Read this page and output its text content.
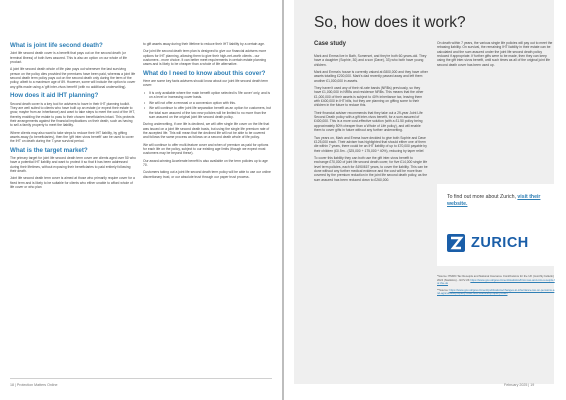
What is joint life second death?
Joint life second death cover is a benefit that pays out on the second death (or terminal illness) of both lives assured. This is also an option on our whole of life product.
A joint life second death whole of life plan pays out whenever the last surviving person on the policy dies provided the premiums have been paid, whereas a joint life second death term policy pays out on the second death only during the term of the policy, albeit to a maximum age of 89. However, some will include the option to cover any gifts made using a 'gift inter-vivos benefit' (with no additional underwriting).
How does it aid IHT planning?
Second death cover is a key tool for advisers to have in their IHT planning toolkit. They are well suited to clients who have built up an estate (or expect their estate to grow, maybe from an inheritance) and want to take steps to meet the cost of the IHT, thereby enabling the estate to pass to their chosen beneficiaries intact. This protects their arrangements against the financial implications on their death, such as having to sell a family property to meet the liability.
Where clients may also want to take steps to reduce their IHT liability, by gifting assets away (to beneficiaries), then the 'gift inter-vivos benefit' can be used to cover the IHT on death during the 7-year survival period.
What is the target market?
The primary target for joint life second death term cover are clients aged over 50 who have a potential IHT liability and want to protect it so that it has been addressed during their lifetimes, without exposing their beneficiaries to paid entirely following their death.
Joint life second death term cover is aimed at those who primarily require cover for a fixed term and is likely to be suitable for clients who either unable to afford whole of life cover or who plan
to gift assets away during their lifetime to reduce their IHT liability by a certain age.
Our joint life second death term plan is designed to give our financial advisers more options for IHT planning, allowing them to give their high-net-worth clients - our customers - more choice. It can better meet requirements in certain estate planning cases and is likely to be cheaper than a whole of life alternative.
What do I need to know about this cover?
Here are some key facts advisers should know about our joint life second death term cover:
• It is only available where the main benefit option selected is 'life cover' only, and is on a level or increasing cover basis.
• We will not offer a renewal or a conversion option with this.
• We will continue to offer joint life separation benefit as an option for customers, but the total sum assured of the two new policies will be limited to no more than the sum assured on the original joint life second death policy.
During underwriting, if one life is declined, we will offer single life cover on the life that was issued on a joint life second death basis, but using the single life premium rate of the accepted life. This will mean that the declined life will not be able to be covered and follows the same process as follows on a second death whole of life policy.
We will continue to offer multi-feature cover and when of premium as paid for options for each life on the policy, subject to our existing age limits (though we expect most customers may be beyond these).
Our award-winning Accelerate benefit is also available on the term policies up to age 70.
Customers taking out a joint life second death term policy will be able to use our online discretionary trust, or our absolute trust through our paper trust process.
18 | Protection Matters Online
So, how does it work?
Case study
Mark and Emma live in Bath, Somerset, and they're both 60-years-old. They have a daughter (Sophie, 30) and a son (Dave), 33) who both have young children.
Mark and Emma's house is currently valued at £800,000 and they have other assets totalling £200,000. Mark's dad recently passed away and left them another £1,000,000 in assets.
They haven't used any of their nil-rate bands (NRBs) previously, so they have £1,000,000 in NRBs and residence NRBs. This means that the other £1,000,000 of their assets is subject to 40% inheritance tax, leaving them with £400,000 in IHT bills, but they are planning on gifting some to their children in the future to reduce this.
Their financial adviser recommends that they take out a 29-year Joint Life Second Death policy with a gift inter-vivos benefit, for a sum assured of £400,000. This is a more cost-effective solution (with a £1.50 policy being approximately 50% cheaper than a Whole of Life policy), and will enable them to cover gifts in future without any further underwriting.
Two years on, Mark and Emma have decided to give both Sophie and Dave £125,000 each. Their adviser has highlighted that should either one of them die within 7 years, there could be an IHT liability of up to £70,000 payable by their children (£0.5m - (325,000 + 175,000 * 40%), reducing by taper relief.
To cover this liability they can both use the gift inter-vivos benefit to exchange £70,000 of joint life second death cover, for five £14,000 single life level term policies, each for £490/£67 years, to cover the liability. This can be done without any further medical evidence and the cost will be more than covered by the premium reduction in the joint life second death policy, as the sum assured has been reduced down to £260,000.
On death within 7 years, the various single life policies will pay out to meet the rebasing liability. On survival, the remaining IHT liability in their estate can be calculated and the sum assured under the joint life second death policy reduced if appropriate. If further gifts were to be made, then they can keep using the gift inter-vivos benefit, until such times as all of the original joint life second death cover has been used up.
To find out more about Zurich, visit their website.
ZURICH
*Source: HMRC Tax Receipts and National Insurance Contributions for the UK (monthly bulletin) 2024 (Statistics) - GOV.UK https://www.gov.uk/government/statistics/hmrc-tax-and-nics-receipts-for-the-uk
**Source: https://www.gov.uk/government/publications/changes-to-inheritance-tax-on-pensions-and-agricultural-property-relief-and-business-property-relief
February 2025 | 19
